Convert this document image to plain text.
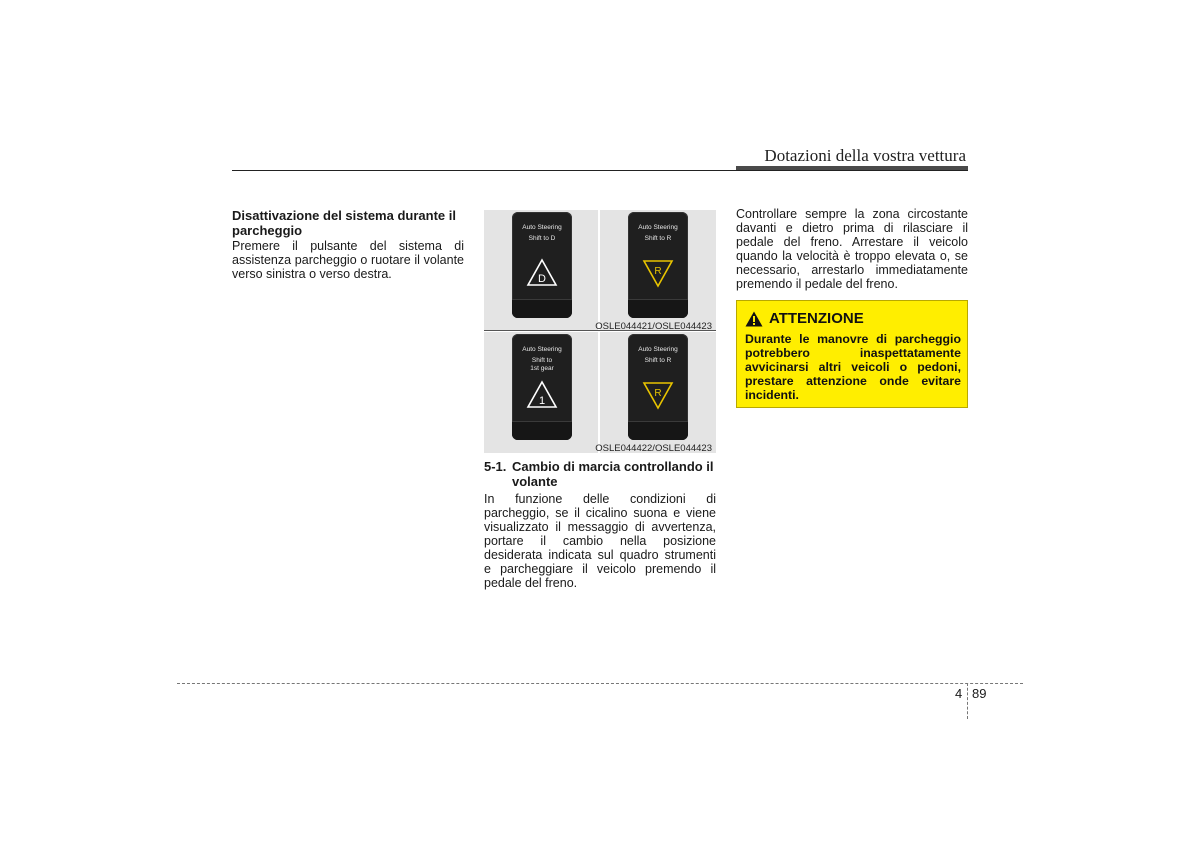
Dotazioni della vostra vettura
Disattivazione del sistema durante il parcheggio

Premere il pulsante del sistema di assistenza parcheggio o ruotare il volante verso sinistra o verso destra.

Auto Steering
Shift to D
D
Auto Steering
Shift to R
R
OSLE044421/OSLE044423
Auto Steering
Shift to
1st gear
1
Auto Steering
Shift to R
R
OSLE044422/OSLE044423
5-1. Cambio di marcia controllando il volante

In funzione delle condizioni di parcheggio, se il cicalino suona e viene visualizzato il messaggio di avvertenza, portare il cambio nella posizione desiderata indicata sul quadro strumenti e parcheggiare il veicolo premendo il pedale del freno.

Controllare sempre la zona circostante davanti e dietro prima di rilasciare il pedale del freno. Arrestare il veicolo quando la velocità è troppo elevata o, se necessario, arrestarlo immediatamente premendo il pedale del freno.

ATTENZIONE
Durante le manovre di parcheggio potrebbero inaspettatamente avvicinarsi altri veicoli o pedoni, prestare attenzione onde evitare incidenti.
4 89
